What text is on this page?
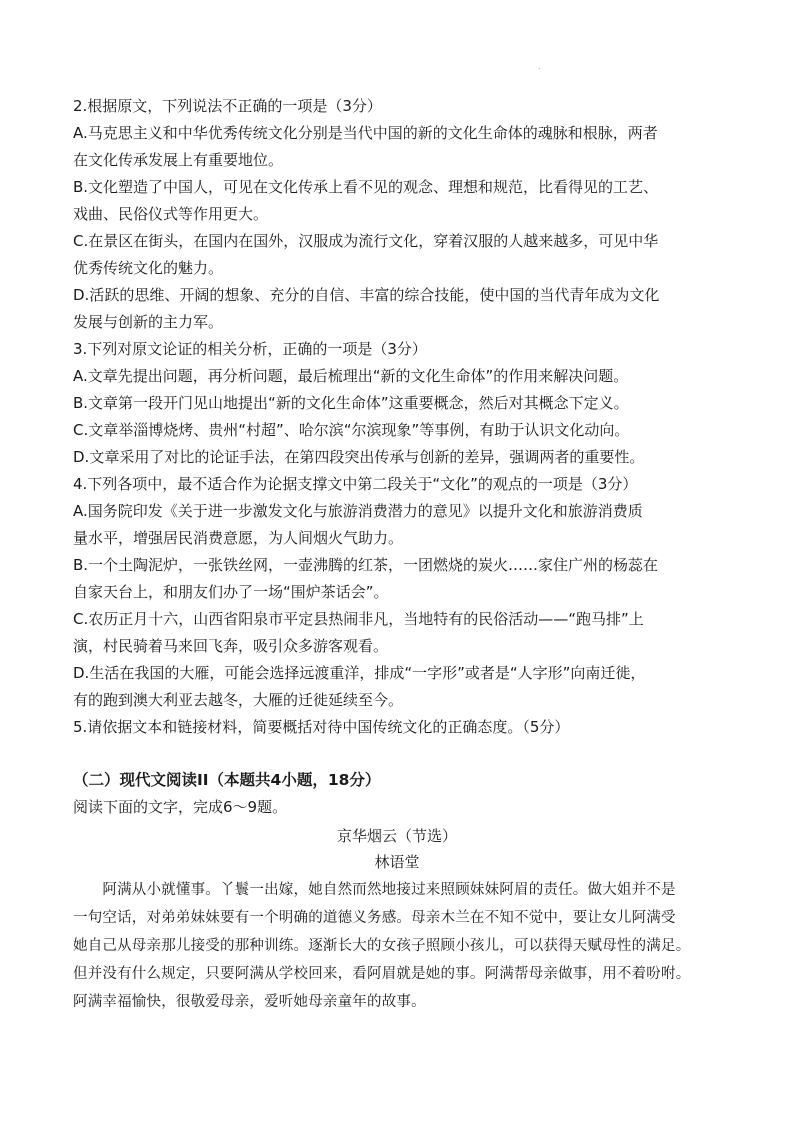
.
2.根据原文，下列说法不正确的一项是（3分）
A.马克思主义和中华优秀传统文化分别是当代中国的新的文化生命体的魂脉和根脉，两者
在文化传承发展上有重要地位。
B.文化塑造了中国人，可见在文化传承上看不见的观念、理想和规范，比看得见的工艺、
戏曲、民俗仪式等作用更大。
C.在景区在街头，在国内在国外，汉服成为流行文化，穿着汉服的人越来越多，可见中华
优秀传统文化的魅力。
D.活跃的思维、开阔的想象、充分的自信、丰富的综合技能，使中国的当代青年成为文化
发展与创新的主力军。
3.下列对原文论证的相关分析，正确的一项是（3分）
A.文章先提出问题，再分析问题，最后梳理出“新的文化生命体”的作用来解决问题。
B.文章第一段开门见山地提出“新的文化生命体”这重要概念，然后对其概念下定义。
C.文章举淄博烧烤、贵州“村超”、哈尔滨“尔滨现象”等事例，有助于认识文化动向。
D.文章采用了对比的论证手法，在第四段突出传承与创新的差异，强调两者的重要性。
4.下列各项中，最不适合作为论据支撑文中第二段关于“文化”的观点的一项是（3分）
A.国务院印发《关于进一步激发文化与旅游消费潜力的意见》以提升文化和旅游消费质
量水平，增强居民消费意愿，为人间烟火气助力。
B.一个土陶泥炉，一张铁丝网，一壶沸腾的红茶，一团燃烧的炭火……家住广州的杨蕊在
自家天台上，和朋友们办了一场“围炉茶话会”。
C.农历正月十六，山西省阳泉市平定县热闹非凡，当地特有的民俗活动——“跑马排”上
演，村民骑着马来回飞奔，吸引众多游客观看。
D.生活在我国的大雁，可能会选择远渡重洋，排成“一字形”或者是“人字形”向南迁徙，
有的跑到澳大利亚去越冬，大雁的迁徙延续至今。
5.请依据文本和链接材料，简要概括对待中国传统文化的正确态度。（5分）
（二）现代文阅读II（本题共4小题，18分）
阅读下面的文字，完成6～9题。
京华烟云（节选）
林语堂
　　阿满从小就懂事。丫鬟一出嫁，她自然而然地接过来照顾妹妹阿眉的责任。做大姐并不是
一句空话，对弟弟妹妹要有一个明确的道德义务感。母亲木兰在不知不觉中，要让女儿阿满受
她自己从母亲那儿接受的那种训练。逐渐长大的女孩子照顾小孩儿，可以获得天赋母性的满足。
但并没有什么规定，只要阿满从学校回来，看阿眉就是她的事。阿满帮母亲做事，用不着吩咐。
阿满幸福愉快，很敬爱母亲，爱听她母亲童年的故事。
